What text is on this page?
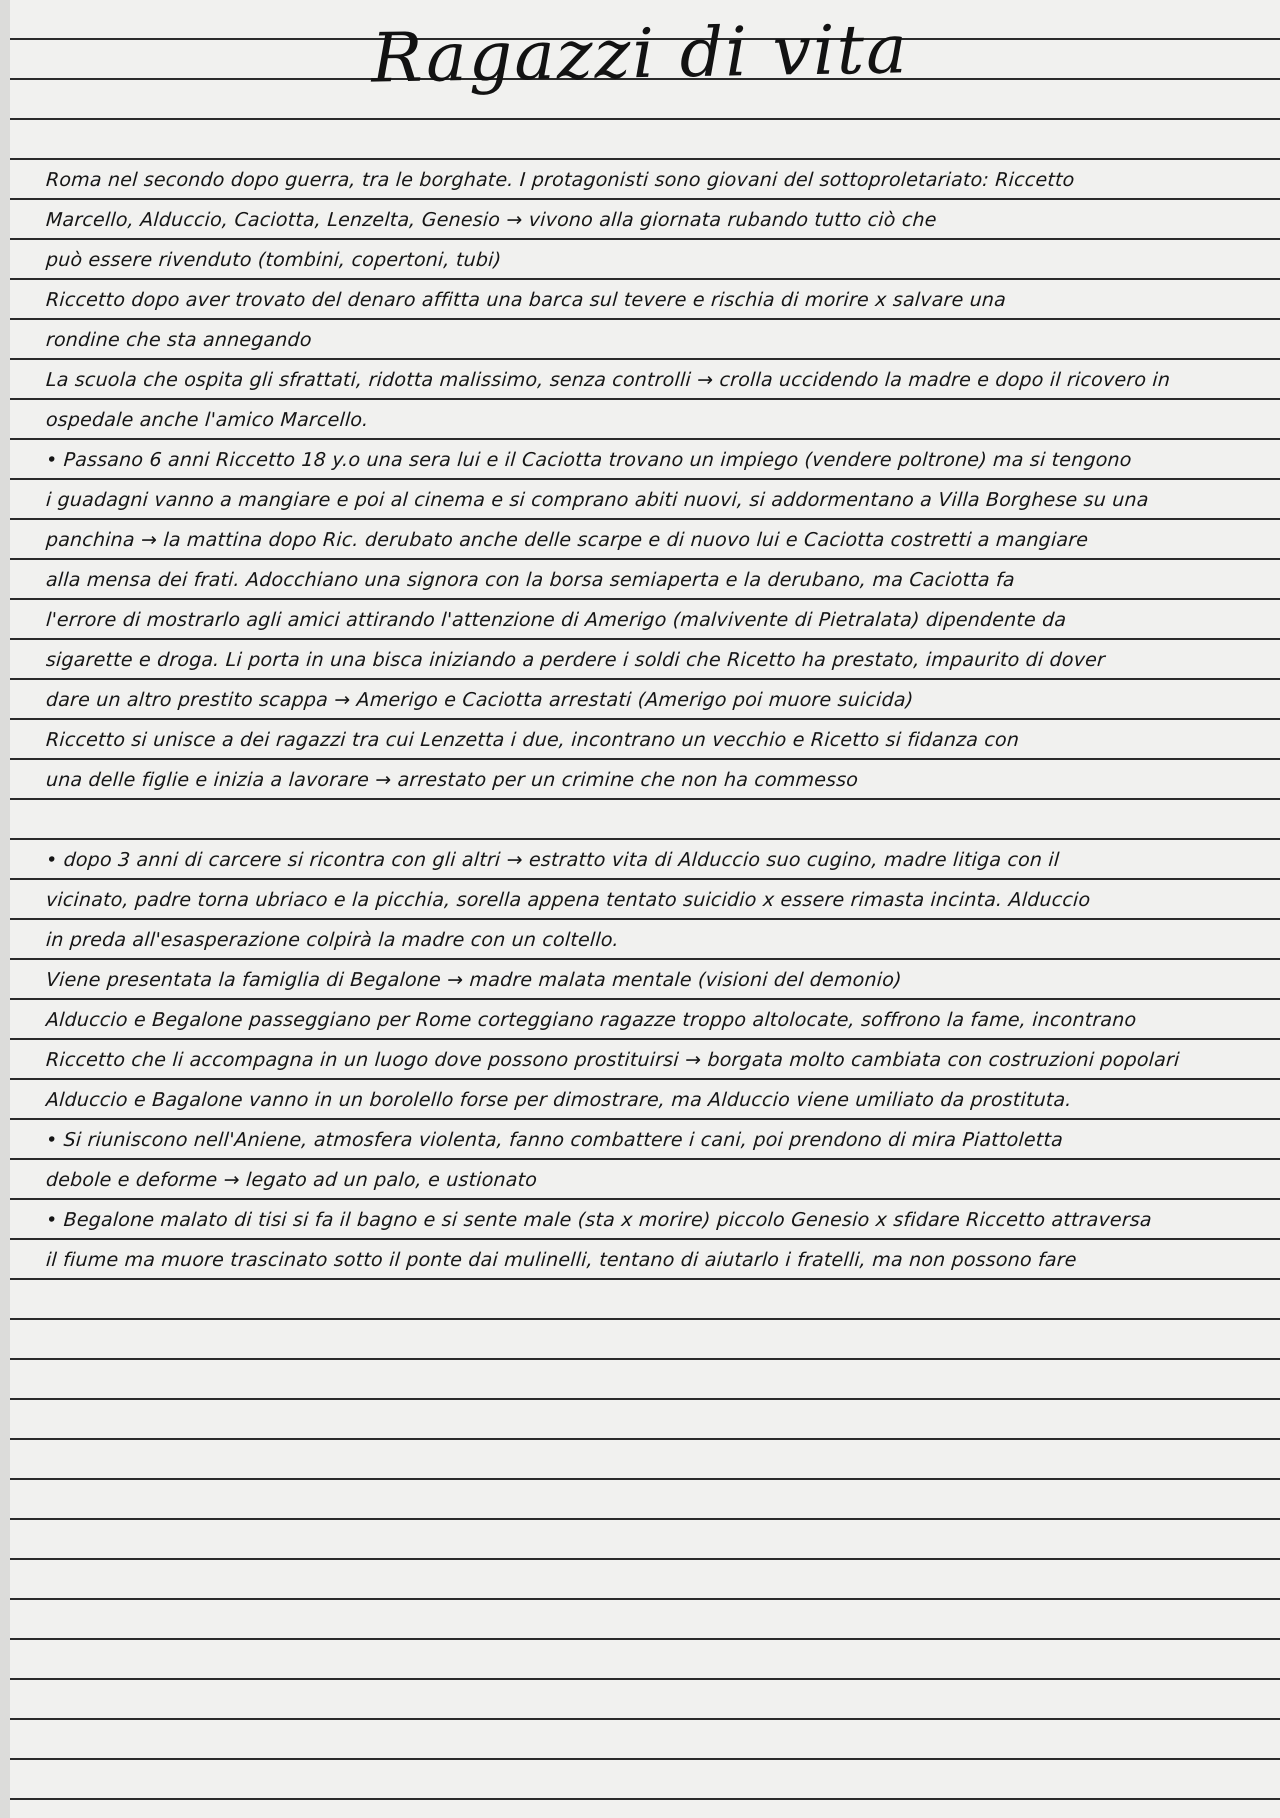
Ragazzi di vita
Roma nel secondo dopo guerra, tra le borghate. I protagonisti sono giovani del sottoproletariato: Riccetto
Marcello, Alduccio, Caciotta, Lenzelta, Genesio → vivono alla giornata rubando tutto ciò che
può essere rivenduto (tombini, copertoni, tubi)
Riccetto dopo aver trovato del denaro affitta una barca sul tevere e rischia di morire x salvare una
rondine che sta annegando
La scuola che ospita gli sfrattati, ridotta malissimo, senza controlli → crolla uccidendo la madre e dopo il ricovero in
ospedale anche l'amico Marcello.
• Passano 6 anni Riccetto 18 y.o una sera lui e il Caciotta trovano un impiego (vendere poltrone) ma si tengono
i guadagni vanno a mangiare e poi al cinema e si comprano abiti nuovi, si addormentano a Villa Borghese su una
panchina → la mattina dopo Ric. derubato anche delle scarpe e di nuovo lui e Caciotta costretti a mangiare
alla mensa dei frati. Adocchiano una signora con la borsa semiaperta e la derubano, ma Caciotta fa
l'errore di mostrarlo agli amici attirando l'attenzione di Amerigo (malvivente di Pietralata) dipendente da
sigarette e droga. Li porta in una bisca iniziando a perdere i soldi che Ricetto ha prestato, impaurito di dover
dare un altro prestito scappa → Amerigo e Caciotta arrestati (Amerigo poi muore suicida)
Riccetto si unisce a dei ragazzi tra cui Lenzetta i due, incontrano un vecchio e Ricetto si fidanza con
una delle figlie e inizia a lavorare → arrestato per un crimine che non ha commesso
• dopo 3 anni di carcere si ricontra con gli altri → estratto vita di Alduccio suo cugino, madre litiga con il
vicinato, padre torna ubriaco e la picchia, sorella appena tentato suicidio x essere rimasta incinta. Alduccio
in preda all'esasperazione colpirà la madre con un coltello.
Viene presentata la famiglia di Begalone → madre malata mentale (visioni del demonio)
Alduccio e Begalone passeggiano per Rome corteggiano ragazze troppo altolocate, soffrono la fame, incontrano
Riccetto che li accompagna in un luogo dove possono prostituirsi → borgata molto cambiata con costruzioni popolari
Alduccio e Bagalone vanno in un borolello forse per dimostrare, ma Alduccio viene umiliato da prostituta.
• Si riuniscono nell'Aniene, atmosfera violenta, fanno combattere i cani, poi prendono di mira Piattoletta
debole e deforme → legato ad un palo, e ustionato
• Begalone malato di tisi si fa il bagno e si sente male (sta x morire) piccolo Genesio x sfidare Riccetto attraversa
il fiume ma muore trascinato sotto il ponte dai mulinelli, tentano di aiutarlo i fratelli, ma non possono fare
